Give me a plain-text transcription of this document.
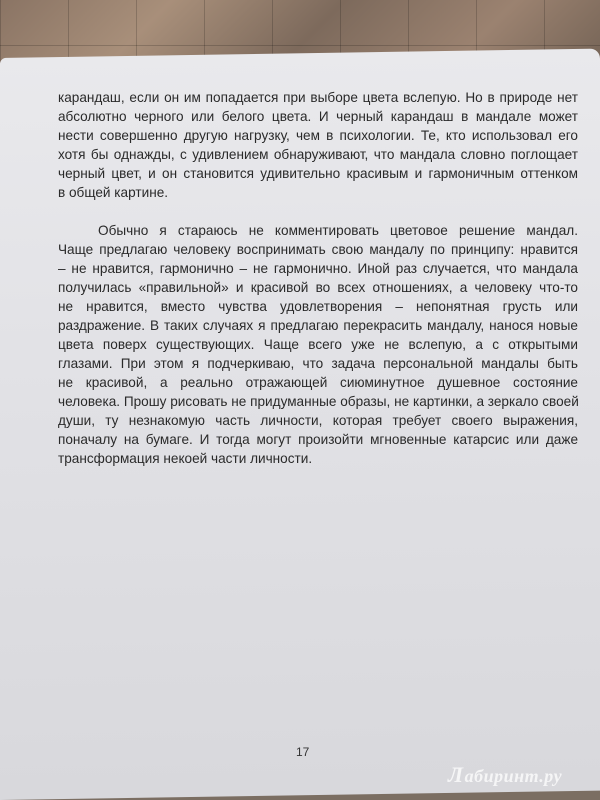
карандаш, если он им попадается при выборе цвета вслепую. Но в природе нет
абсолютно черного или белого цвета. И черный карандаш в мандале может
нести совершенно другую нагрузку, чем в психологии. Те, кто использовал его
хотя бы однажды, с удивлением обнаруживают, что мандала словно поглощает
черный цвет, и он становится удивительно красивым и гармоничным оттенком
в общей картине.

Обычно я стараюсь не комментировать цветовое решение мандал.
Чаще предлагаю человеку воспринимать свою мандалу по принципу: нравится
– не нравится, гармонично – не гармонично. Иной раз случается, что мандала
получилась «правильной» и красивой во всех отношениях, а человеку что-то
не нравится, вместо чувства удовлетворения – непонятная грусть или
раздражение. В таких случаях я предлагаю перекрасить мандалу, нанося новые
цвета поверх существующих. Чаще всего уже не вслепую, а с открытыми
глазами. При этом я подчеркиваю, что задача персональной мандалы быть
не красивой, а реально отражающей сиюминутное душевное состояние
человека. Прошу рисовать не придуманные образы, не картинки, а зеркало своей
души, ту незнакомую часть личности, которая требует своего выражения,
поначалу на бумаге. И тогда могут произойти мгновенные катарсис или даже
трансформация некоей части личности.

17
Лабиринт.ру
